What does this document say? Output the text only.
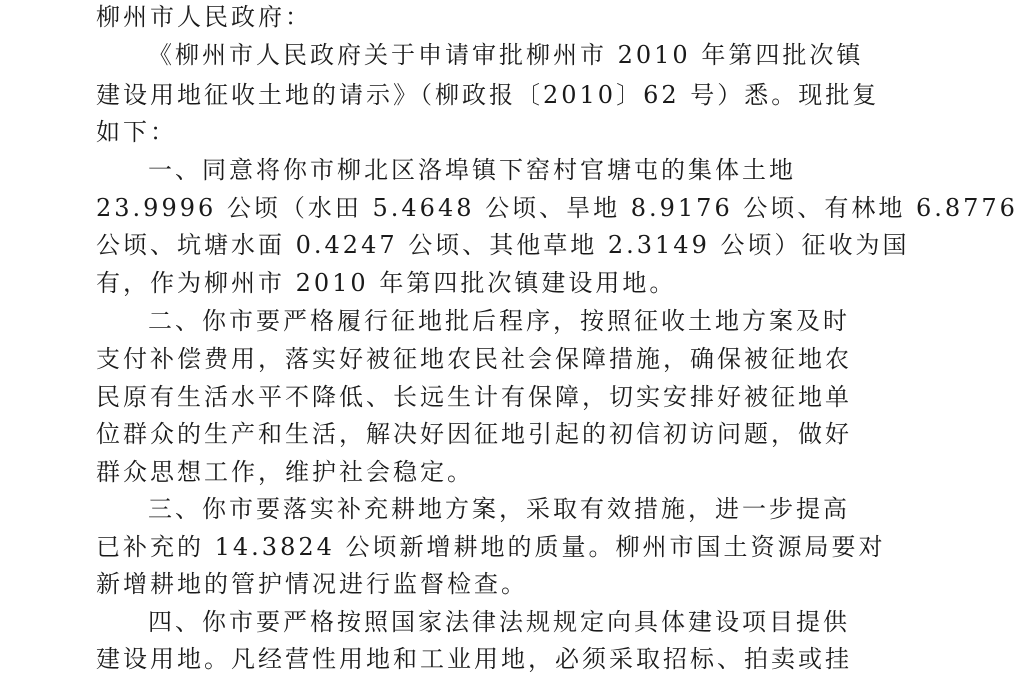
柳州市人民政府：
《柳州市人民政府关于申请审批柳州市 2010 年第四批次镇
建设用地征收土地的请示》（柳政报〔2010〕62 号）悉。现批复
如下：
一、同意将你市柳北区洛埠镇下窑村官塘屯的集体土地
23.9996 公顷（水田 5.4648 公顷、旱地 8.9176 公顷、有林地 6.8776
公顷、坑塘水面 0.4247 公顷、其他草地 2.3149 公顷）征收为国
有，作为柳州市 2010 年第四批次镇建设用地。
二、你市要严格履行征地批后程序，按照征收土地方案及时
支付补偿费用，落实好被征地农民社会保障措施，确保被征地农
民原有生活水平不降低、长远生计有保障，切实安排好被征地单
位群众的生产和生活，解决好因征地引起的初信初访问题，做好
群众思想工作，维护社会稳定。
三、你市要落实补充耕地方案，采取有效措施，进一步提高
已补充的 14.3824 公顷新增耕地的质量。柳州市国土资源局要对
新增耕地的管护情况进行监督检查。
四、你市要严格按照国家法律法规规定向具体建设项目提供
建设用地。凡经营性用地和工业用地，必须采取招标、拍卖或挂
